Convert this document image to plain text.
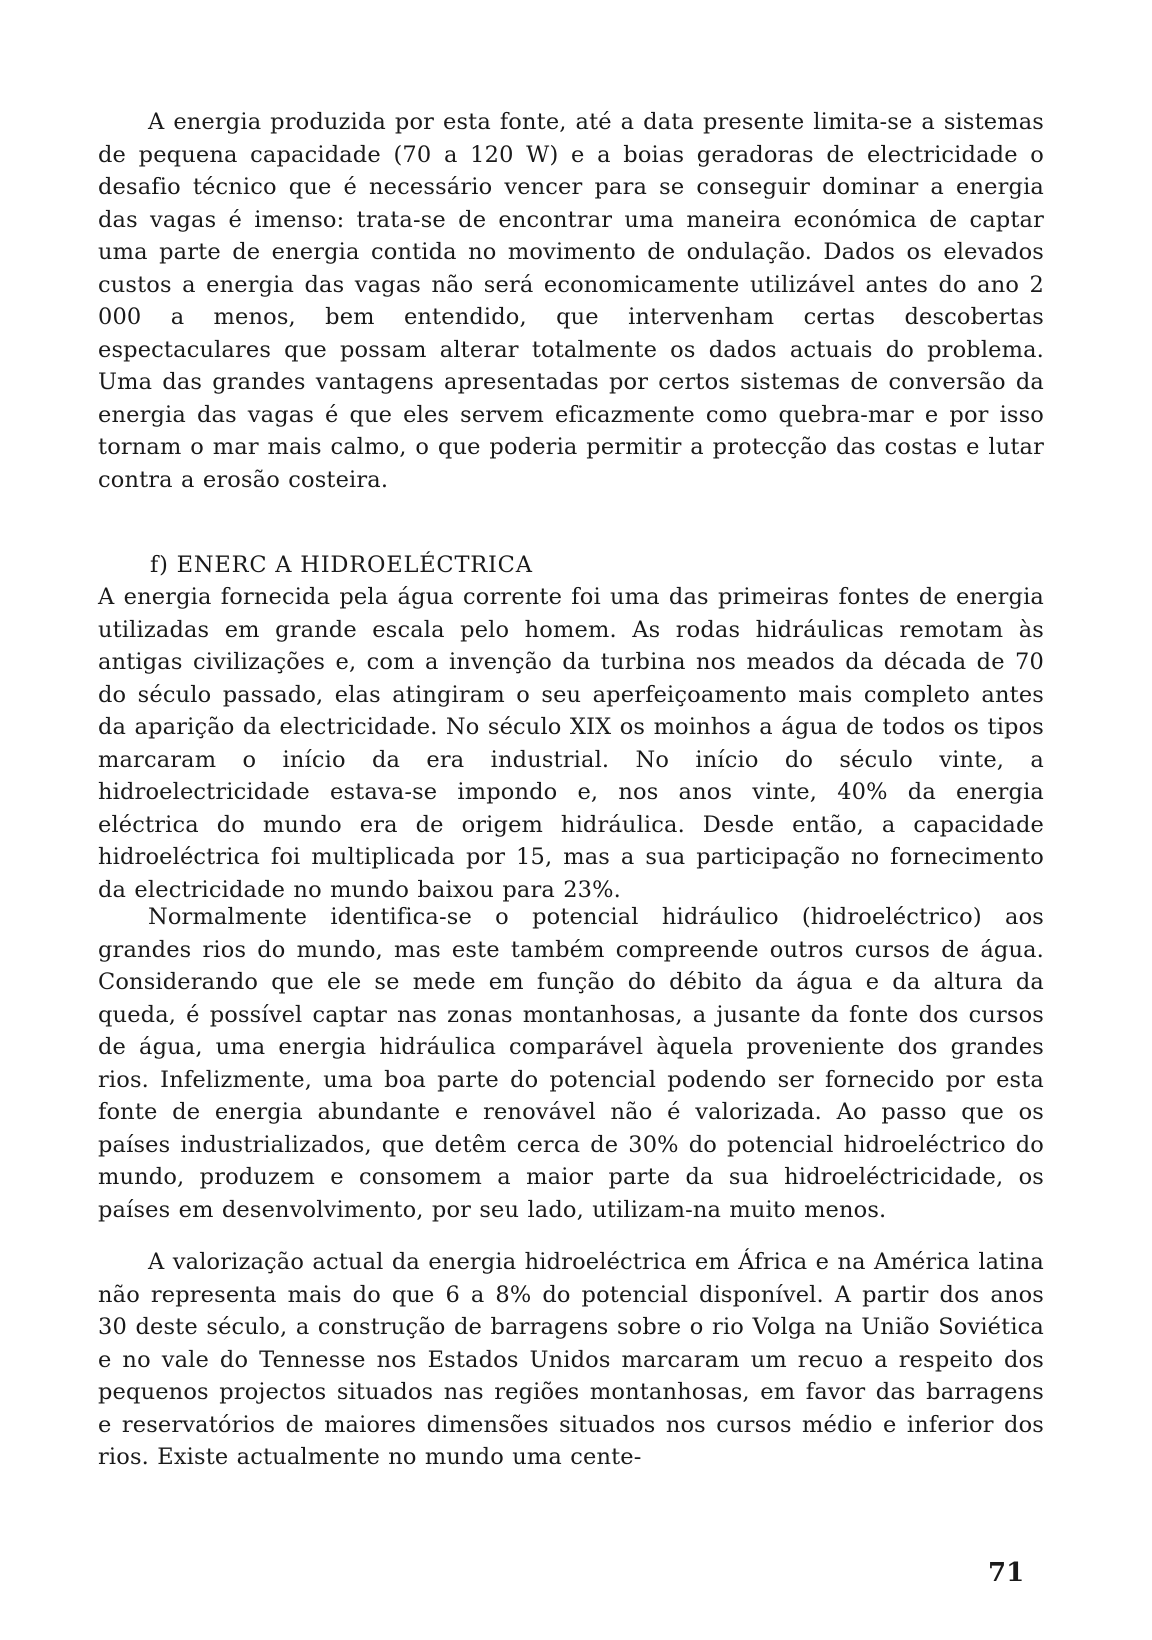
A energia produzida por esta fonte, até a data presente limita-se a sistemas de pequena capacidade (70 a 120 W) e a boias geradoras de electricidade o desafio técnico que é necessário vencer para se conseguir dominar a energia das vagas é imenso: trata-se de encontrar uma maneira económica de captar uma parte de energia contida no movimento de ondulação. Dados os elevados custos a energia das vagas não será economicamente utilizável antes do ano 2 000 a menos, bem entendido, que intervenham certas descobertas espectaculares que possam alterar totalmente os dados actuais do problema. Uma das grandes vantagens apresentadas por certos sistemas de conversão da energia das vagas é que eles servem eficazmente como quebra-mar e por isso tornam o mar mais calmo, o que poderia permitir a protecção das costas e lutar contra a erosão costeira.

f) ENERC A HIDROELÉCTRICA

A energia fornecida pela água corrente foi uma das primeiras fontes de energia utilizadas em grande escala pelo homem. As rodas hidráulicas remotam às antigas civilizações e, com a invenção da turbina nos meados da década de 70 do século passado, elas atingiram o seu aperfeiçoamento mais completo antes da aparição da electricidade. No século XIX os moinhos a água de todos os tipos marcaram o início da era industrial. No início do século vinte, a hidroelectricidade estava-se impondo e, nos anos vinte, 40% da energia eléctrica do mundo era de origem hidráulica. Desde então, a capacidade hidroeléctrica foi multiplicada por 15, mas a sua participação no fornecimento da electricidade no mundo baixou para 23%.

Normalmente identifica-se o potencial hidráulico (hidroeléctrico) aos grandes rios do mundo, mas este também compreende outros cursos de água. Considerando que ele se mede em função do débito da água e da altura da queda, é possível captar nas zonas montanhosas, a jusante da fonte dos cursos de água, uma energia hidráulica comparável àquela proveniente dos grandes rios. Infelizmente, uma boa parte do potencial podendo ser fornecido por esta fonte de energia abundante e renovável não é valorizada. Ao passo que os países industrializados, que detêm cerca de 30% do potencial hidroeléctrico do mundo, produzem e consomem a maior parte da sua hidroeléctricidade, os países em desenvolvimento, por seu lado, utilizam-na muito menos.

A valorização actual da energia hidroeléctrica em África e na América latina não representa mais do que 6 a 8% do potencial disponível. A partir dos anos 30 deste século, a construção de barragens sobre o rio Volga na União Soviética e no vale do Tennesse nos Estados Unidos marcaram um recuo a respeito dos pequenos projectos situados nas regiões montanhosas, em favor das barragens e reservatórios de maiores dimensões situados nos cursos médio e inferior dos rios. Existe actualmente no mundo uma cente-

71
